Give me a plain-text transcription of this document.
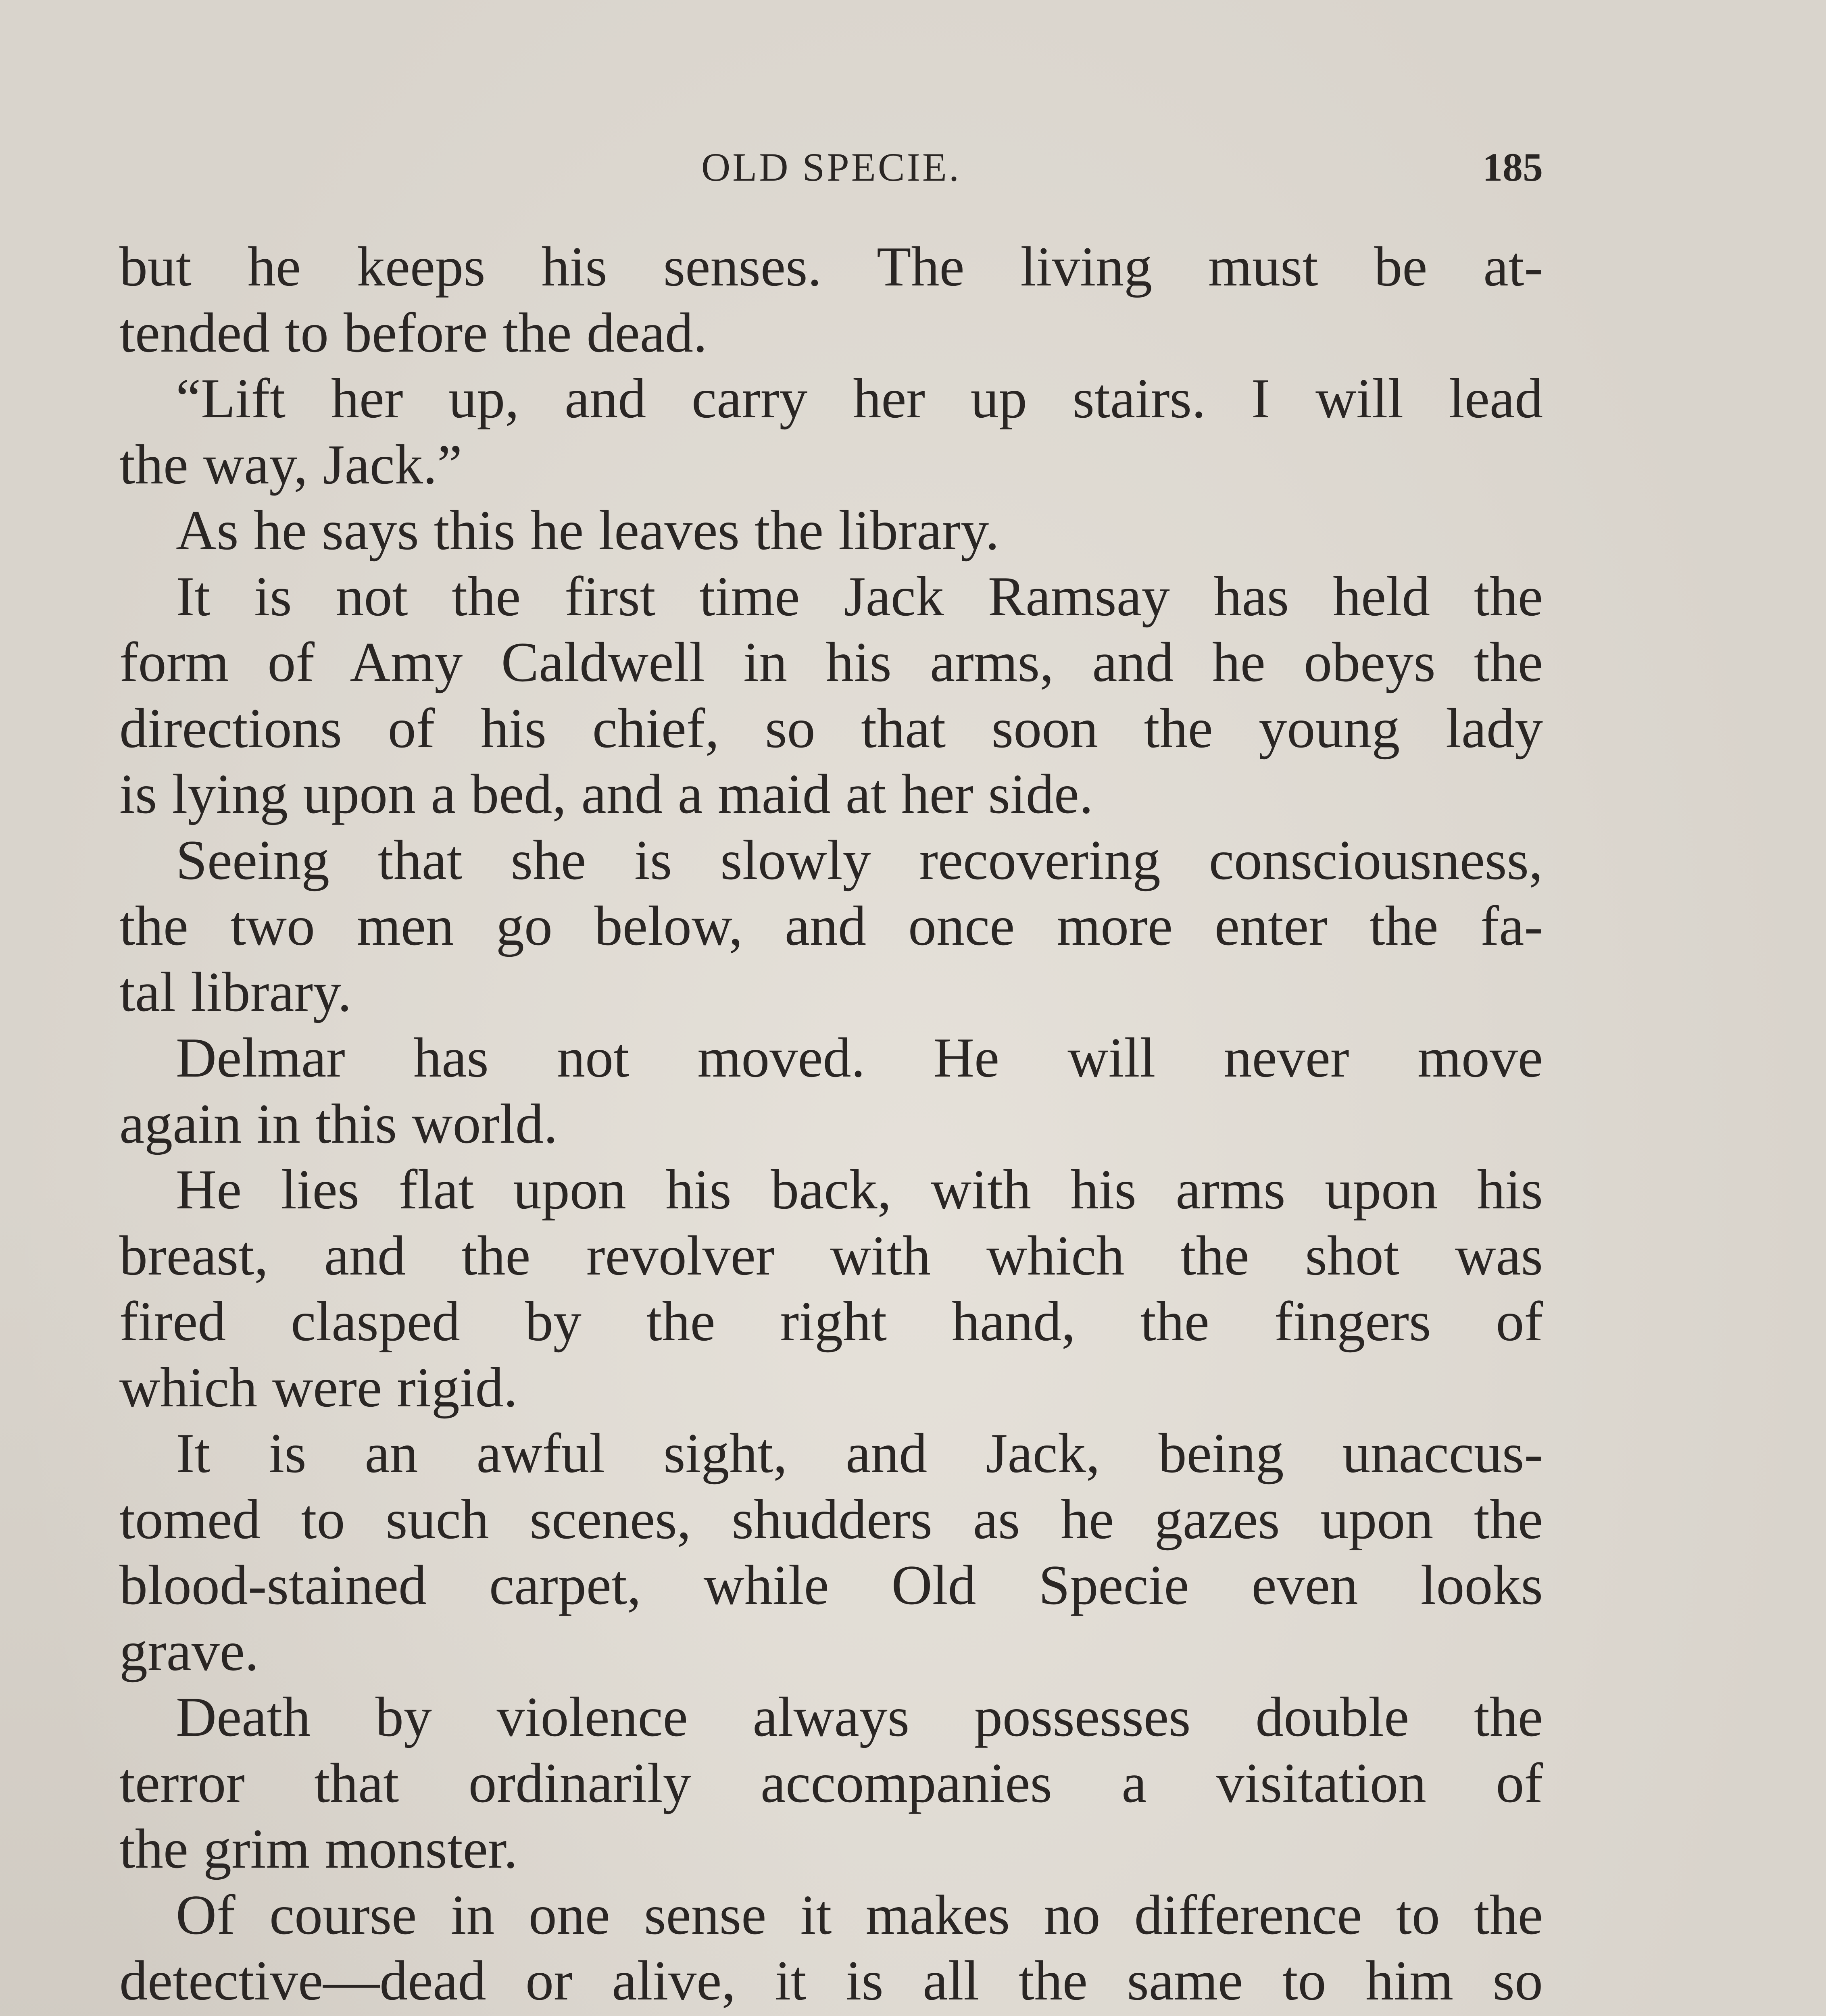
OLD SPECIE.	185
but he keeps his senses. The living must be at-
tended to before the dead.
“Lift her up, and carry her up stairs. I will lead
the way, Jack.”
As he says this he leaves the library.
It is not the first time Jack Ramsay has held the
form of Amy Caldwell in his arms, and he obeys the
directions of his chief, so that soon the young lady
is lying upon a bed, and a maid at her side.
Seeing that she is slowly recovering consciousness,
the two men go below, and once more enter the fa-
tal library.
Delmar has not moved. He will never move
again in this world.
He lies flat upon his back, with his arms upon his
breast, and the revolver with which the shot was
fired clasped by the right hand, the fingers of
which were rigid.
It is an awful sight, and Jack, being unaccus-
tomed to such scenes, shudders as he gazes upon the
blood-stained carpet, while Old Specie even looks
grave.
Death by violence always possesses double the
terror that ordinarily accompanies a visitation of
the grim monster.
Of course in one sense it makes no difference to the
detective—dead or alive, it is all the same to him so
